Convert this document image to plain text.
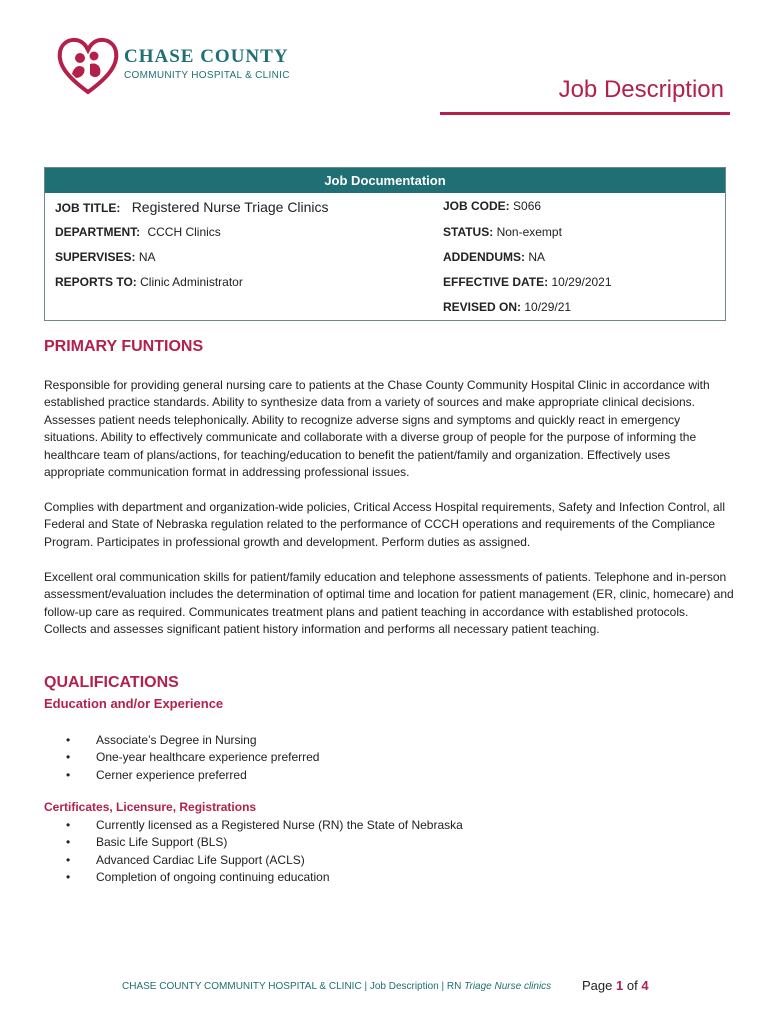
CHASE COUNTY
COMMUNITY HOSPITAL & CLINIC
Job Description
Job Documentation
JOB TITLE: Registered Nurse Triage Clinics	JOB CODE: S066
DEPARTMENT: CCCH Clinics	STATUS: Non-exempt
SUPERVISES: NA	ADDENDUMS: NA
REPORTS TO: Clinic Administrator	EFFECTIVE DATE: 10/29/2021
REVISED ON: 10/29/21
PRIMARY FUNTIONS
Responsible for providing general nursing care to patients at the Chase County Community Hospital Clinic in accordance with established practice standards. Ability to synthesize data from a variety of sources and make appropriate clinical decisions. Assesses patient needs telephonically. Ability to recognize adverse signs and symptoms and quickly react in emergency situations. Ability to effectively communicate and collaborate with a diverse group of people for the purpose of informing the healthcare team of plans/actions, for teaching/education to benefit the patient/family and organization. Effectively uses appropriate communication format in addressing professional issues.
Complies with department and organization-wide policies, Critical Access Hospital requirements, Safety and Infection Control, all Federal and State of Nebraska regulation related to the performance of CCCH operations and requirements of the Compliance Program. Participates in professional growth and development. Perform duties as assigned.
Excellent oral communication skills for patient/family education and telephone assessments of patients. Telephone and in-person assessment/evaluation includes the determination of optimal time and location for patient management (ER, clinic, homecare) and follow-up care as required. Communicates treatment plans and patient teaching in accordance with established protocols. Collects and assesses significant patient history information and performs all necessary patient teaching.
QUALIFICATIONS
Education and/or Experience
• Associate’s Degree in Nursing
• One-year healthcare experience preferred
• Cerner experience preferred
Certificates, Licensure, Registrations
• Currently licensed as a Registered Nurse (RN) the State of Nebraska
• Basic Life Support (BLS)
• Advanced Cardiac Life Support (ACLS)
• Completion of ongoing continuing education
CHASE COUNTY COMMUNITY HOSPITAL & CLINIC | Job Description | RN Triage Nurse clinics Page 1 of 4
